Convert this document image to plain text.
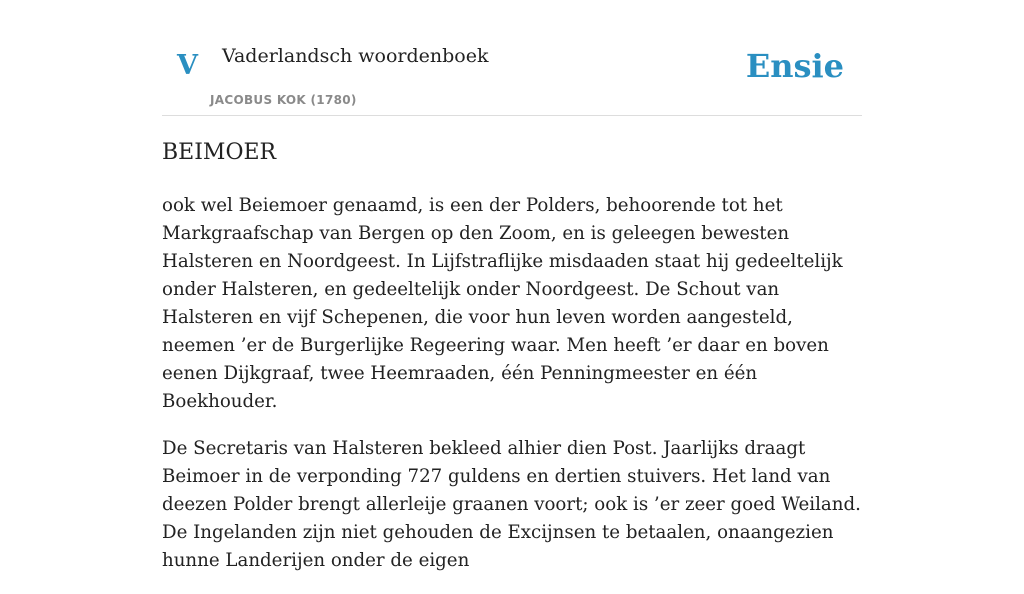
V Vaderlandsch woordenboek
JACOBUS KOK (1780)
Ensie
BEIMOER

ook wel Beiemoer genaamd, is een der Polders, behoorende tot het Markgraafschap van Bergen op den Zoom, en is geleegen bewesten Halsteren en Noordgeest. In Lijfstraflijke misdaaden staat hij gedeeltelijk onder Halsteren, en gedeeltelijk onder Noordgeest. De Schout van Halsteren en vijf Schepenen, die voor hun leven worden aangesteld, neemen ’er de Burgerlijke Regeering waar. Men heeft ’er daar en boven eenen Dijkgraaf, twee Heemraaden, één Penningmeester en één Boekhouder.

De Secretaris van Halsteren bekleed alhier dien Post. Jaarlijks draagt Beimoer in de verponding 727 guldens en dertien stuivers. Het land van deezen Polder brengt allerleije graanen voort; ook is ’er zeer goed Weiland. De Ingelanden zijn niet gehouden de Excijnsen te betaalen, onaangezien hunne Landerijen onder de eigen
